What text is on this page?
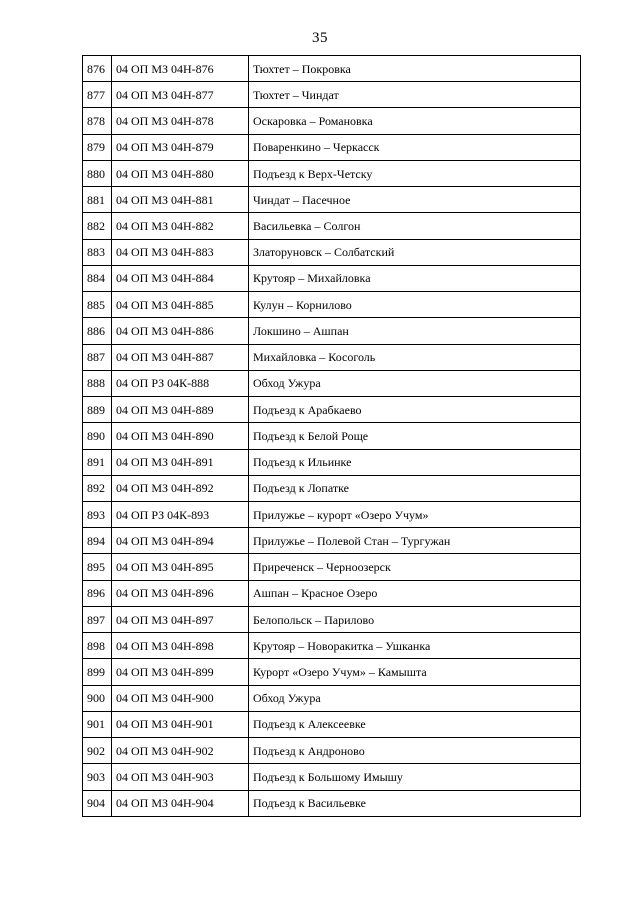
35
876	04 ОП МЗ 04Н-876	Тюхтет – Покровка
877	04 ОП МЗ 04Н-877	Тюхтет – Чиндат
878	04 ОП МЗ 04Н-878	Оскаровка – Романовка
879	04 ОП МЗ 04Н-879	Поваренкино – Черкасск
880	04 ОП МЗ 04Н-880	Подъезд к Верх-Четску
881	04 ОП МЗ 04Н-881	Чиндат – Пасечное
882	04 ОП МЗ 04Н-882	Васильевка – Солгон
883	04 ОП МЗ 04Н-883	Златоруновск – Солбатский
884	04 ОП МЗ 04Н-884	Крутояр – Михайловка
885	04 ОП МЗ 04Н-885	Кулун – Корнилово
886	04 ОП МЗ 04Н-886	Локшино – Ашпан
887	04 ОП МЗ 04Н-887	Михайловка – Косоголь
888	04 ОП РЗ 04К-888	Обход Ужура
889	04 ОП МЗ 04Н-889	Подъезд к Арабкаево
890	04 ОП МЗ 04Н-890	Подъезд к Белой Роще
891	04 ОП МЗ 04Н-891	Подъезд к Ильинке
892	04 ОП МЗ 04Н-892	Подъезд к Лопатке
893	04 ОП РЗ 04К-893	Прилужье – курорт «Озеро Учум»
894	04 ОП МЗ 04Н-894	Прилужье – Полевой Стан – Тургужан
895	04 ОП МЗ 04Н-895	Приреченск – Черноозерск
896	04 ОП МЗ 04Н-896	Ашпан – Красное Озеро
897	04 ОП МЗ 04Н-897	Белопольск – Парилово
898	04 ОП МЗ 04Н-898	Крутояр – Новоракитка – Ушканка
899	04 ОП МЗ 04Н-899	Курорт «Озеро Учум» – Камышта
900	04 ОП МЗ 04Н-900	Обход Ужура
901	04 ОП МЗ 04Н-901	Подъезд к Алексеевке
902	04 ОП МЗ 04Н-902	Подъезд к Андроново
903	04 ОП МЗ 04Н-903	Подъезд к Большому Имышу
904	04 ОП МЗ 04Н-904	Подъезд к Васильевке
